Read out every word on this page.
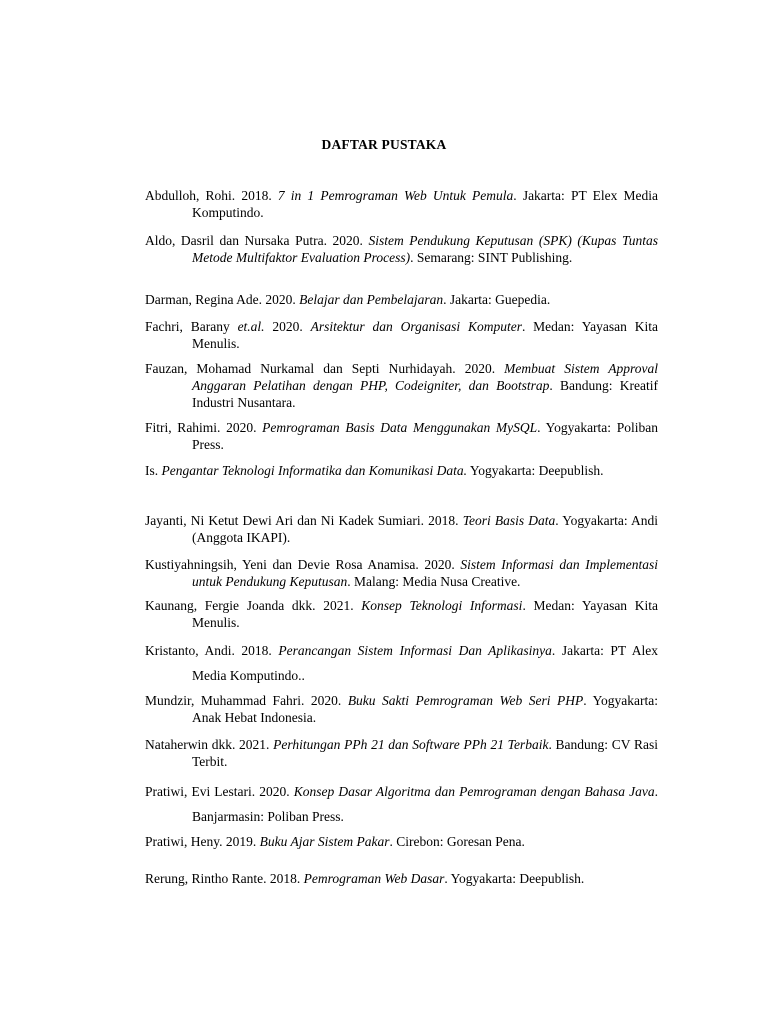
DAFTAR PUSTAKA

Abdulloh, Rohi. 2018. 7 in 1 Pemrograman Web Untuk Pemula. Jakarta: PT Elex Media Komputindo.

Aldo, Dasril dan Nursaka Putra. 2020. Sistem Pendukung Keputusan (SPK) (Kupas Tuntas Metode Multifaktor Evaluation Process). Semarang: SINT Publishing.

Darman, Regina Ade. 2020. Belajar dan Pembelajaran. Jakarta: Guepedia.

Fachri, Barany et.al. 2020. Arsitektur dan Organisasi Komputer. Medan: Yayasan Kita Menulis.

Fauzan, Mohamad Nurkamal dan Septi Nurhidayah. 2020. Membuat Sistem Approval Anggaran Pelatihan dengan PHP, Codeigniter, dan Bootstrap. Bandung: Kreatif Industri Nusantara.

Fitri, Rahimi. 2020. Pemrograman Basis Data Menggunakan MySQL. Yogyakarta: Poliban Press.

Is. Pengantar Teknologi Informatika dan Komunikasi Data. Yogyakarta: Deepublish.

Jayanti, Ni Ketut Dewi Ari dan Ni Kadek Sumiari. 2018. Teori Basis Data. Yogyakarta: Andi (Anggota IKAPI).

Kustiyahningsih, Yeni dan Devie Rosa Anamisa. 2020. Sistem Informasi dan Implementasi untuk Pendukung Keputusan. Malang: Media Nusa Creative.

Kaunang, Fergie Joanda dkk. 2021. Konsep Teknologi Informasi. Medan: Yayasan Kita Menulis.

Kristanto, Andi. 2018. Perancangan Sistem Informasi Dan Aplikasinya. Jakarta: PT Alex Media Komputindo..

Mundzir, Muhammad Fahri. 2020. Buku Sakti Pemrograman Web Seri PHP. Yogyakarta: Anak Hebat Indonesia.

Nataherwin dkk. 2021. Perhitungan PPh 21 dan Software PPh 21 Terbaik. Bandung: CV Rasi Terbit.

Pratiwi, Evi Lestari. 2020. Konsep Dasar Algoritma dan Pemrograman dengan Bahasa Java. Banjarmasin: Poliban Press.

Pratiwi, Heny. 2019. Buku Ajar Sistem Pakar. Cirebon: Goresan Pena.

Rerung, Rintho Rante. 2018. Pemrograman Web Dasar. Yogyakarta: Deepublish.
